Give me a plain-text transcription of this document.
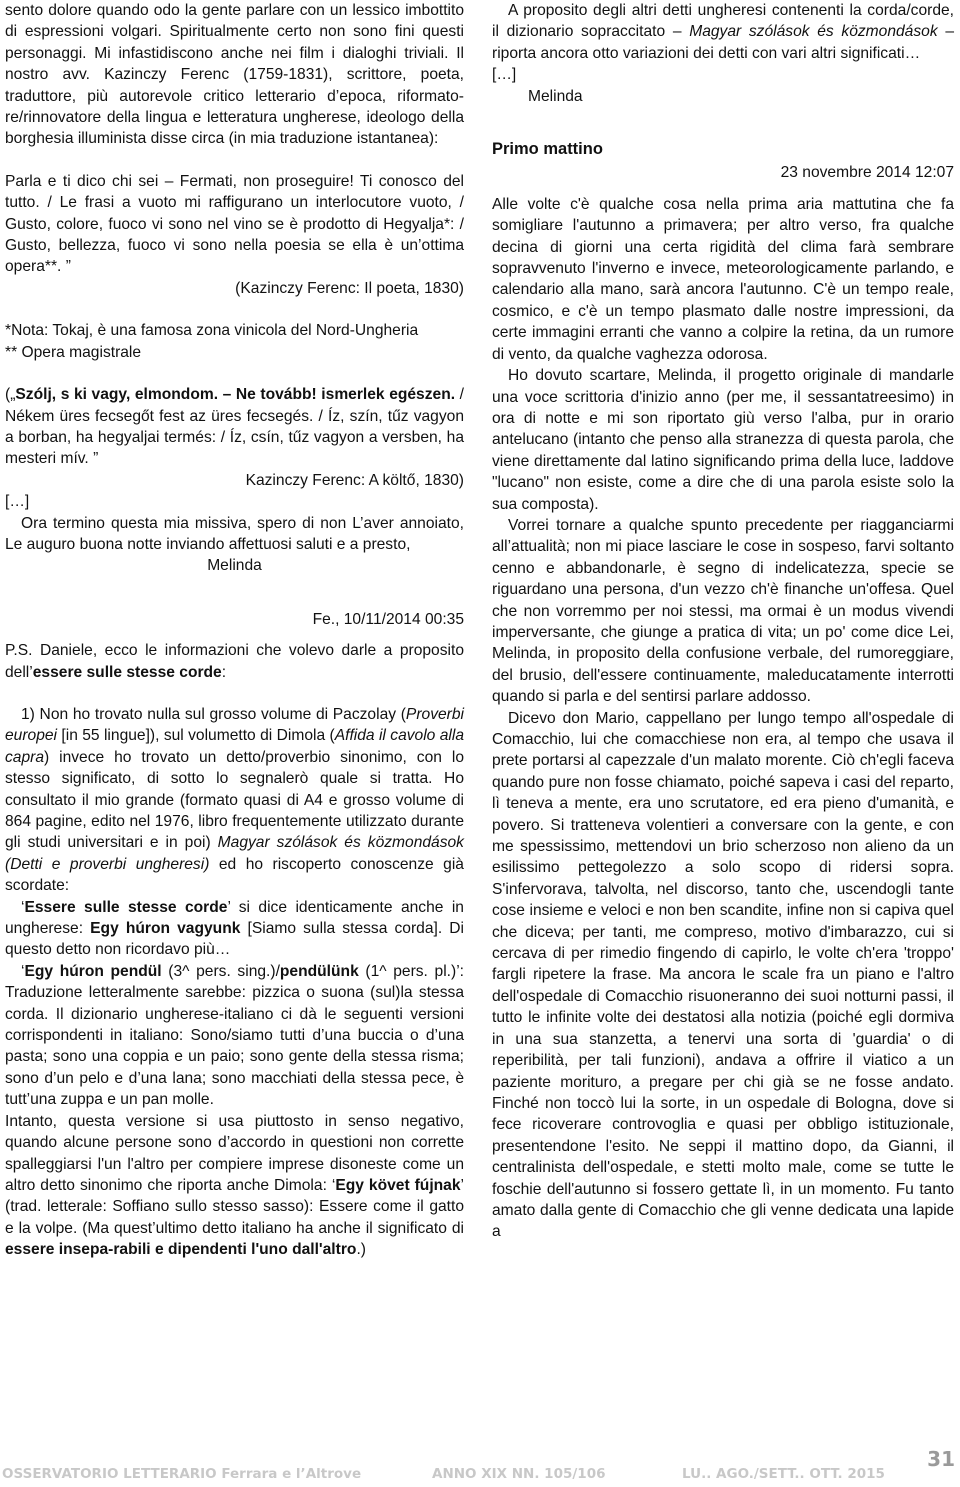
sento dolore quando odo la gente parlare con un lessico imbottito di espressioni volgari. Spiritualmente certo non sono fini questi personaggi. Mi infastidiscono anche nei film i dialoghi triviali. Il nostro avv. Kazinczy Ferenc (1759-1831), scrittore, poeta, traduttore, più autorevole critico letterario d’epoca, riformato-re/rinnovatore della lingua e letteratura ungherese, ideologo della borghesia illuminista disse circa (in mia traduzione istantanea):

Parla e ti dico chi sei – Fermati, non proseguire! Ti conosco del tutto. / Le frasi a vuoto mi raffigurano un interlocutore vuoto, / Gusto, colore, fuoco vi sono nel vino se è prodotto di Hegyalja*: / Gusto, bellezza, fuoco vi sono nella poesia se ella è un’ottima opera**. ”

(Kazinczy Ferenc: Il poeta, 1830)

*Nota: Tokaj, è una famosa zona vinicola del Nord-Ungheria

** Opera magistrale

(„Szólj, s ki vagy, elmondom. – Ne tovább! ismerlek egészen. / Nékem üres fecsegőt fest az üres fecsegés. / Íz, szín, tűz vagyon a borban, ha hegyaljai termés: / Íz, csín, tűz vagyon a versben, ha mesteri mív. ”

Kazinczy Ferenc: A költő, 1830)

[…]

Ora termino questa mia missiva, spero di non L’aver annoiato, Le auguro buona notte inviando affettuosi saluti e a presto,

Melinda

Fe., 10/11/2014 00:35

P.S. Daniele, ecco le informazioni che volevo darle a proposito dell’essere sulle stesse corde:

1) Non ho trovato nulla sul grosso volume di Paczolay (Proverbi europei [in 55 lingue]), sul volumetto di Dimola (Affida il cavolo alla capra) invece ho trovato un detto/proverbio sinonimo, con lo stesso significato, di sotto lo segnalerò quale si tratta. Ho consultato il mio grande (formato quasi di A4 e grosso volume di 864 pagine, edito nel 1976, libro frequentemente utilizzato durante gli studi universitari e in poi) Magyar szólások és közmondások (Detti e proverbi ungheresi) ed ho riscoperto conoscenze già scordate:

‘Essere sulle stesse corde’ si dice identicamente anche in ungherese: Egy húron vagyunk [Siamo sulla stessa corda]. Di questo detto non ricordavo più…

‘Egy húron pendül (3^ pers. sing.)/pendülünk (1^ pers. pl.)’: Traduzione letteralmente sarebbe: pizzica o suona (sul)la stessa corda. Il dizionario ungherese-italiano ci dà le seguenti versioni corrispondenti in italiano: Sono/siamo tutti d’una buccia o d’una pasta; sono una coppia e un paio; sono gente della stessa risma; sono d’un pelo e d’una lana; sono macchiati della stessa pece, è tutt’una zuppa e un pan molle.

Intanto, questa versione si usa piuttosto in senso negativo, quando alcune persone sono d’accordo in questioni non corrette spalleggiarsi l'un l'altro per compiere imprese disoneste come un altro detto sinonimo che riporta anche Dimola: ‘Egy követ fújnak’ (trad. letterale: Soffiano sullo stesso sasso): Essere come il gatto e la volpe. (Ma quest’ultimo detto italiano ha anche il significato di essere insepa-rabili e dipendenti l'uno dall'altro.)

A proposito degli altri detti ungheresi contenenti la corda/corde, il dizionario sopraccitato – Magyar szólások és közmondások – riporta ancora otto variazioni dei detti con vari altri significati…

[…]

Melinda

Primo mattino

23 novembre 2014 12:07

Alle volte c'è qualche cosa nella prima aria mattutina che fa somigliare l'autunno a primavera; per altro verso, fra qualche decina di giorni una certa rigidità del clima farà sembrare sopravvenuto l'inverno e invece, meteorologicamente parlando, e calendario alla mano, sarà ancora l'autunno. C'è un tempo reale, cosmico, e c'è un tempo plasmato dalle nostre impressioni, da certe immagini erranti che vanno a colpire la retina, da un rumore di vento, da qualche vaghezza odorosa.

Ho dovuto scartare, Melinda, il progetto originale di mandarle una voce scrittoria d'inizio anno (per me, il sessantatreesimo) in ora di notte e mi son riportato giù verso l'alba, pur in orario antelucano (intanto che penso alla stranezza di questa parola, che viene direttamente dal latino significando prima della luce, laddove "lucano" non esiste, come a dire che di una parola esiste solo la sua composta).

Vorrei tornare a qualche spunto precedente per riagganciarmi all’attualità; non mi piace lasciare le cose in sospeso, farvi soltanto cenno e abbandonarle, è segno di indelicatezza, specie se riguardano una persona, d'un vezzo ch'è finanche un'offesa. Quel che non vorremmo per noi stessi, ma ormai è un modus vivendi imperversante, che giunge a pratica di vita; un po' come dice Lei, Melinda, in proposito della confusione verbale, del rumoreggiare, del brusio, dell'essere continuamente, maleducatamente interrotti quando si parla e del sentirsi parlare addosso.

Dicevo don Mario, cappellano per lungo tempo all'ospedale di Comacchio, lui che comacchiese non era, al tempo che usava il prete portarsi al capezzale d'un malato morente. Ciò ch'egli faceva quando pure non fosse chiamato, poiché sapeva i casi del reparto, lì teneva a mente, era uno scrutatore, ed era pieno d'umanità, e povero. Si tratteneva volentieri a conversare con la gente, e con me spessissimo, mettendovi un brio scherzoso non alieno da un esilissimo pettegolezzo a solo scopo di ridersi sopra. S'infervorava, talvolta, nel discorso, tanto che, uscendogli tante cose insieme e veloci e non ben scandite, infine non si capiva quel che diceva; per tanti, me compreso, motivo d'imbarazzo, cui si cercava di per rimedio fingendo di capirlo, le volte ch'era 'troppo' fargli ripetere la frase. Ma ancora le scale fra un piano e l'altro dell'ospedale di Comacchio risuoneranno dei suoi notturni passi, il tutto le infinite volte dei destatosi alla notizia (poiché egli dormiva in una sua stanzetta, a tenervi una sorta di 'guardia' o di reperibilità, per tali funzioni), andava a offrire il viatico a un paziente morituro, a pregare per chi già se ne fosse andato. Finché non toccò lui la sorte, in un ospedale di Bologna, dove si fece ricoverare controvoglia e quasi per obbligo istituzionale, presentendone l'esito. Ne seppi il mattino dopo, da Gianni, il centralinista dell'ospedale, e stetti molto male, come se tutte le foschie dell'autunno si fossero gettate lì, in un momento. Fu tanto amato dalla gente di Comacchio che gli venne dedicata una lapide a

OSSERVATORIO LETTERARIO Ferrara e l’Altrove	ANNO XIX NN. 105/106	LU.. AGO./SETT.. OTT. 2015
31
